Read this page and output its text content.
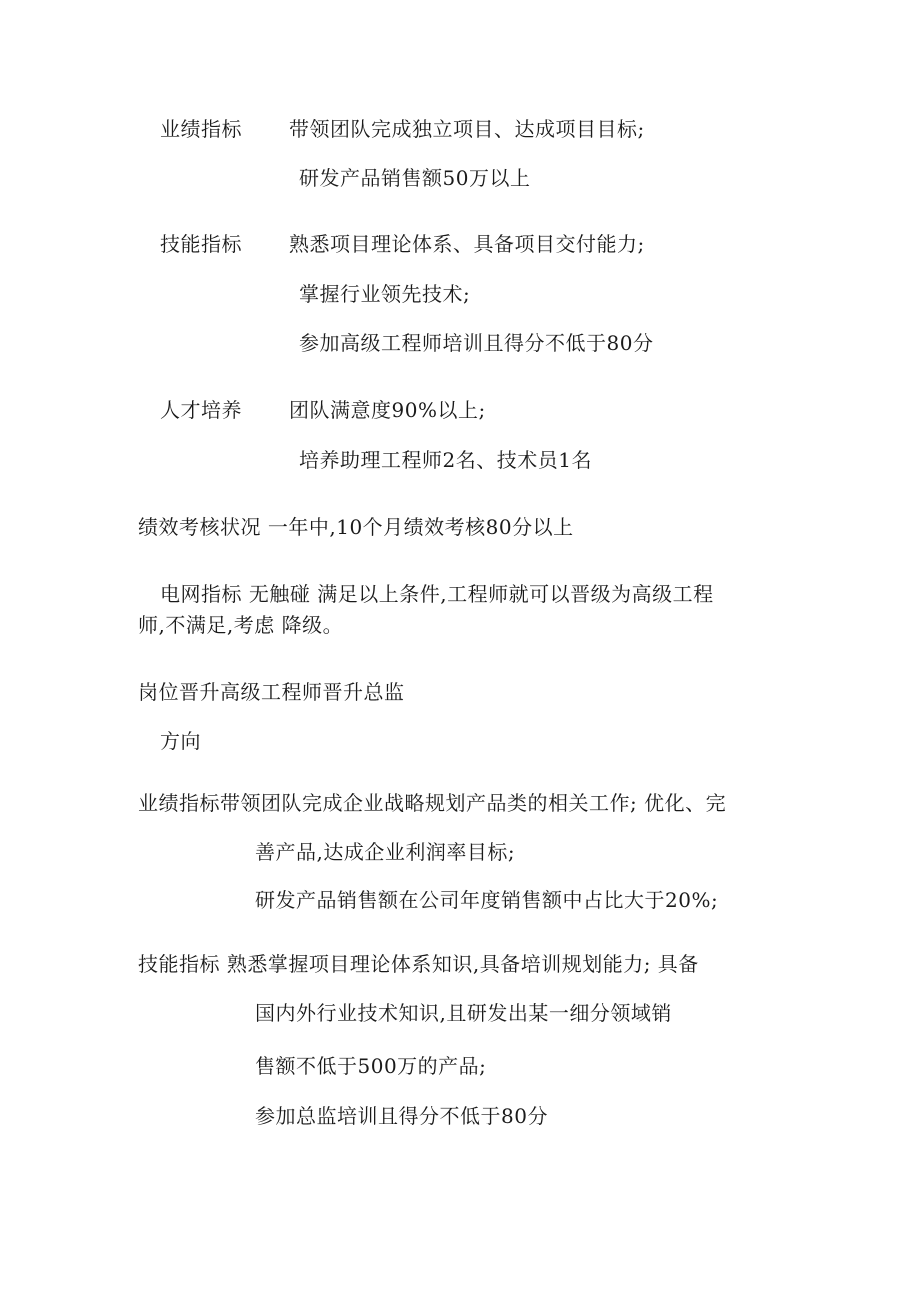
业绩指标 带领团队完成独立项目、达成项目目标;
研发产品销售额50万以上
技能指标 熟悉项目理论体系、具备项目交付能力;
掌握行业领先技术;
参加高级工程师培训且得分不低于80分
人才培养 团队满意度90%以上;
培养助理工程师2名、技术员1名
绩效考核状况 一年中,10个月绩效考核80分以上
电网指标 无触碰 满足以上条件,工程师就可以晋级为高级工程
师,不满足,考虑 降级。
岗位晋升高级工程师晋升总监
方向
业绩指标带领团队完成企业战略规划产品类的相关工作; 优化、完
善产品,达成企业利润率目标;
研发产品销售额在公司年度销售额中占比大于20%;
技能指标 熟悉掌握项目理论体系知识,具备培训规划能力; 具备
国内外行业技术知识,且研发出某一细分领域销
售额不低于500万的产品;
参加总监培训且得分不低于80分
